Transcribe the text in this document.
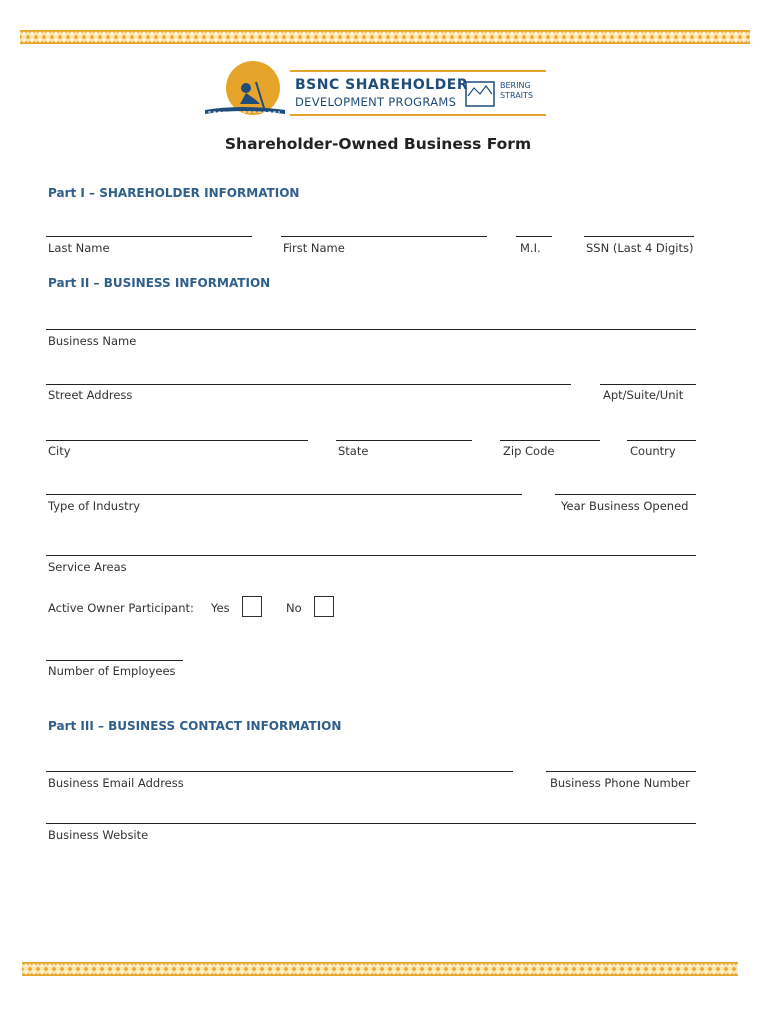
BSNC SHAREHOLDER
DEVELOPMENT PROGRAMS
BERING STRAITS
Shareholder-Owned Business Form
Part I – SHAREHOLDER INFORMATION
Last Name	First Name	M.I.	SSN (Last 4 Digits)
Part II – BUSINESS INFORMATION
Business Name
Street Address	Apt/Suite/Unit
City	State	Zip Code	Country
Type of Industry	Year Business Opened
Service Areas
Active Owner Participant: Yes	No
Number of Employees
Part III – BUSINESS CONTACT INFORMATION
Business Email Address	Business Phone Number
Business Website
